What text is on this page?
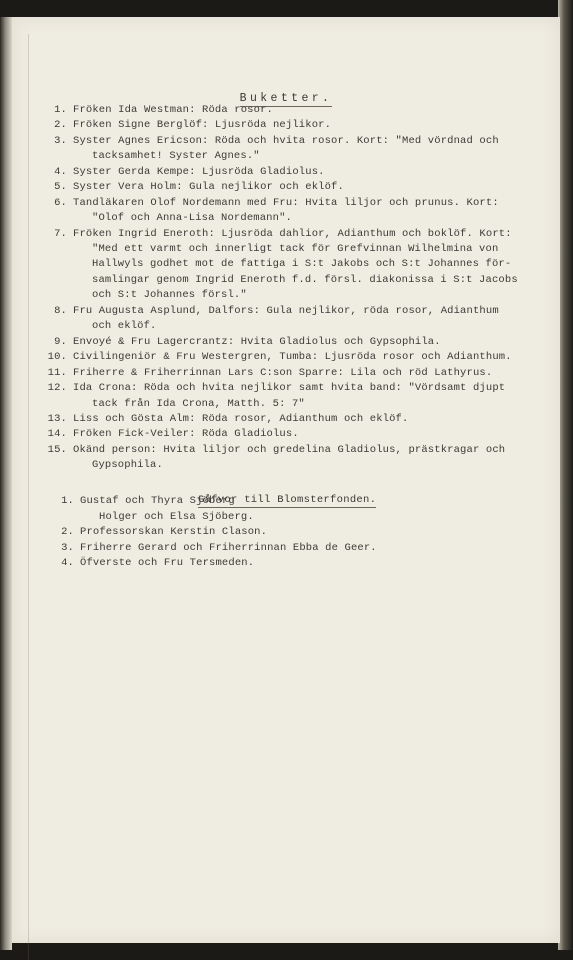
Buketter.
1. Fröken Ida Westman: Röda rosor.
2. Fröken Signe Berglöf: Ljusröda nejlikor.
3. Syster Agnes Ericson: Röda och hvita rosor. Kort: "Med vördnad och
tacksamhet! Syster Agnes."
4. Syster Gerda Kempe: Ljusröda Gladiolus.
5. Syster Vera Holm: Gula nejlikor och eklöf.
6. Tandläkaren Olof Nordemann med Fru: Hvita liljor och prunus. Kort:
"Olof och Anna-Lisa Nordemann".
7. Fröken Ingrid Eneroth: Ljusröda dahlior, Adianthum och boklöf. Kort:
"Med ett varmt och innerligt tack för Grefvinnan Wilhelmina von
Hallwyls godhet mot de fattiga i S:t Jakobs och S:t Johannes för-
samlingar genom Ingrid Eneroth f.d. försl. diakonissa i S:t Jacobs
och S:t Johannes försl."
8. Fru Augusta Asplund, Dalfors: Gula nejlikor, röda rosor, Adianthum
och eklöf.
9. Envoyé & Fru Lagercrantz: Hvita Gladiolus och Gypsophila.
10. Civilingeniör & Fru Westergren, Tumba: Ljusröda rosor och Adianthum.
11. Friherre & Friherrinnan Lars C:son Sparre: Lila och röd Lathyrus.
12. Ida Crona: Röda och hvita nejlikor samt hvita band: "Vördsamt djupt
tack från Ida Crona, Matth. 5: 7"
13. Liss och Gösta Alm: Röda rosor, Adianthum och eklöf.
14. Fröken Fick-Veiler: Röda Gladiolus.
15. Okänd person: Hvita liljor och gredelina Gladiolus, prästkragar och
Gypsophila.
Gåfvor till Blomsterfonden.
1. Gustaf och Thyra Sjöberg
Holger och Elsa Sjöberg.
2. Professorskan Kerstin Clason.
3. Friherre Gerard och Friherrinnan Ebba de Geer.
4. Öfverste och Fru Tersmeden.
